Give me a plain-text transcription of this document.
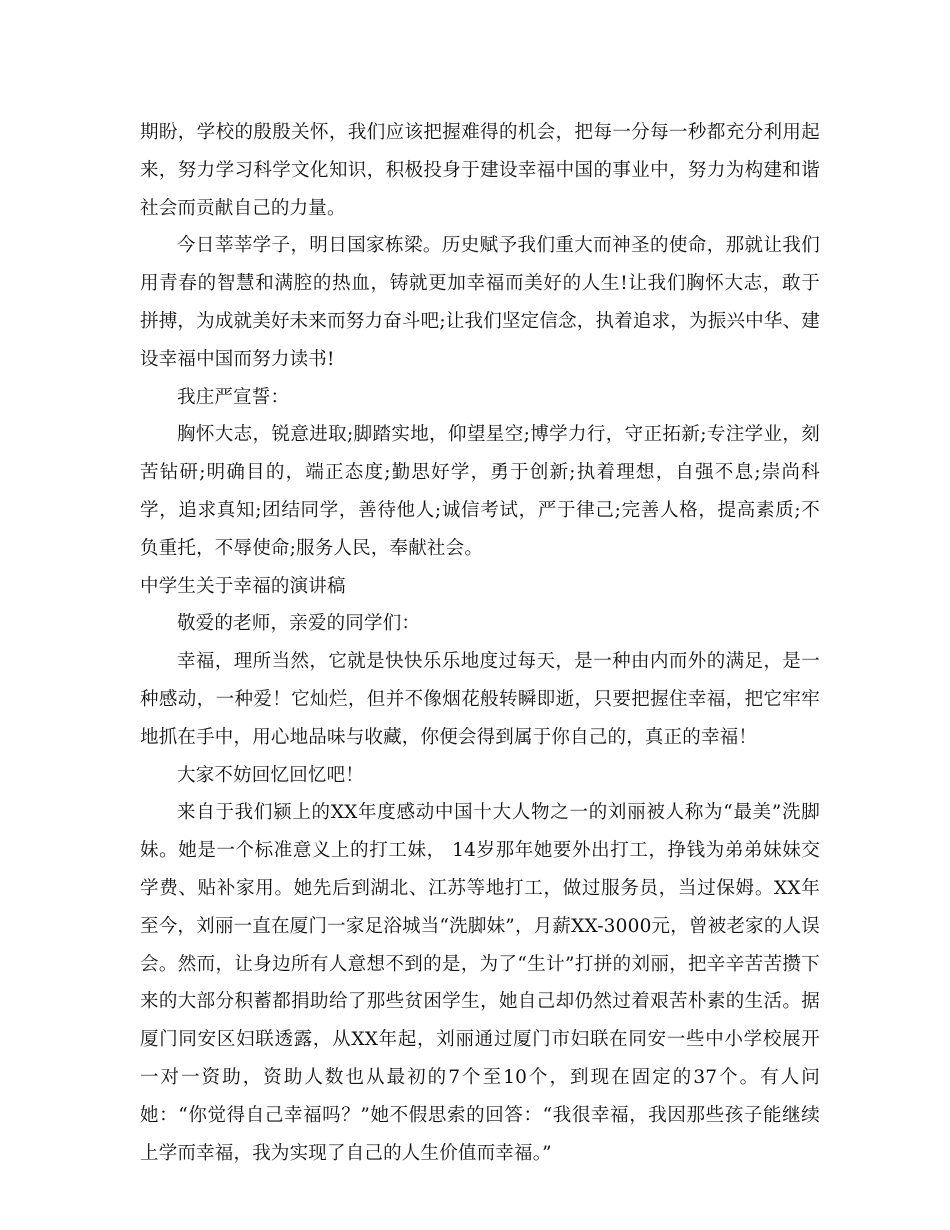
期盼，学校的殷殷关怀，我们应该把握难得的机会，把每一分每一秒都充分利用起来，努力学习科学文化知识，积极投身于建设幸福中国的事业中，努力为构建和谐社会而贡献自己的力量。

今日莘莘学子，明日国家栋梁。历史赋予我们重大而神圣的使命，那就让我们用青春的智慧和满腔的热血，铸就更加幸福而美好的人生!让我们胸怀大志，敢于拼搏，为成就美好未来而努力奋斗吧;让我们坚定信念，执着追求，为振兴中华、建设幸福中国而努力读书!

我庄严宣誓：

胸怀大志，锐意进取;脚踏实地，仰望星空;博学力行，守正拓新;专注学业，刻苦钻研;明确目的，端正态度;勤思好学，勇于创新;执着理想，自强不息;崇尚科学，追求真知;团结同学，善待他人;诚信考试，严于律己;完善人格，提高素质;不负重托，不辱使命;服务人民，奉献社会。

中学生关于幸福的演讲稿

敬爱的老师，亲爱的同学们：

幸福，理所当然，它就是快快乐乐地度过每天，是一种由内而外的满足，是一种感动，一种爱！它灿烂，但并不像烟花般转瞬即逝，只要把握住幸福，把它牢牢地抓在手中，用心地品味与收藏，你便会得到属于你自己的，真正的幸福！

大家不妨回忆回忆吧！

来自于我们颍上的XX年度感动中国十大人物之一的刘丽被人称为“最美”洗脚妹。她是一个标准意义上的打工妹， 14岁那年她要外出打工，挣钱为弟弟妹妹交学费、贴补家用。她先后到湖北、江苏等地打工，做过服务员，当过保姆。XX年至今，刘丽一直在厦门一家足浴城当“洗脚妹”，月薪XX-3000元，曾被老家的人误会。然而，让身边所有人意想不到的是，为了“生计”打拼的刘丽，把辛辛苦苦攒下来的大部分积蓄都捐助给了那些贫困学生，她自己却仍然过着艰苦朴素的生活。据厦门同安区妇联透露，从XX年起，刘丽通过厦门市妇联在同安一些中小学校展开一对一资助，资助人数也从最初的7个至10个，到现在固定的37个。有人问她：“你觉得自己幸福吗？”她不假思索的回答：“我很幸福，我因那些孩子能继续上学而幸福，我为实现了自己的人生价值而幸福。”
